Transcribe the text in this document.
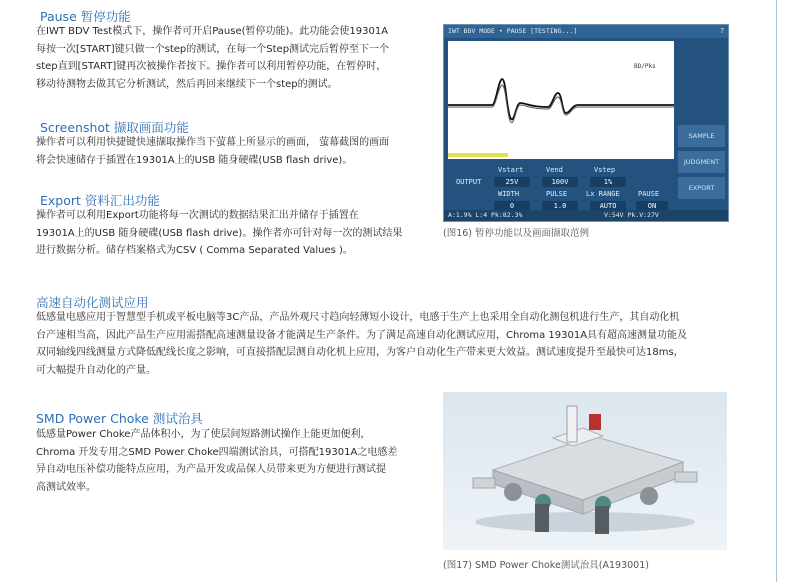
Pause 暂停功能
在IWT BDV Test模式下，操作者可开启Pause(暂停功能)。此功能会使19301A
每按一次[START]键只做一个step的测试，在每一个Step测试完后暂停至下一个
step直到[START]键再次被操作者按下。操作者可以利用暂停功能，在暂停时，
移动待测物去做其它分析测试，然后再回来继续下一个step的测试。
Screenshot 撷取画面功能
操作者可以利用快捷键快速撷取操作当下萤幕上所显示的画面， 萤幕截图的画面
将会快速储存于插置在19301A上的USB 随身硬碟(USB flash drive)。
Export 资料汇出功能
操作者可以利用Export功能将每一次测试的数据结果汇出并储存于插置在
19301A上的USB 随身硬碟(USB flash drive)。操作者亦可针对每一次的测试结果
进行数据分析。储存档案格式为CSV ( Comma Separated Values )。
IWT BDV MODE • PAUSE [TESTING...]	?
BD/Pks
SAMPLE
JUDGMENT
EXPORT
OUTPUT
Vstart	Vend	Vstep
25V	100V	1%
WIDTH	PULSE	Lx RANGE	PAUSE
0	1.0	AUTO	ON
A:1.9% L:4 Pk:82.3%	V:54V Pk.V:27V
(图16) 暂停功能以及画面撷取范例
高速自动化测试应用
低感量电感应用于智慧型手机或平板电脑等3C产品，产品外观尺寸趋向轻薄短小设计，电感于生产上也采用全自动化测包机进行生产，其自动化机
台产速相当高，因此产品生产应用需搭配高速测量设备才能满足生产条件。为了满足高速自动化测试应用，Chroma 19301A具有超高速测量功能及
双同轴线四线测量方式降低配线长度之影响，可直接搭配层测自动化机上应用，为客户自动化生产带来更大效益。测试速度提升至最快可达18ms，
可大幅提升自动化的产量。
SMD Power Choke 测试治具
低感量Power Choke产品体积小，为了使层间短路测试操作上能更加便利，
Chroma 开发专用之SMD Power Choke四端测试治具，可搭配19301A之电感差
异自动电压补偿功能特点应用，为产品开发或品保人员带来更为方便进行测试提
高测试效率。
(图17) SMD Power Choke测试治具(A193001)
